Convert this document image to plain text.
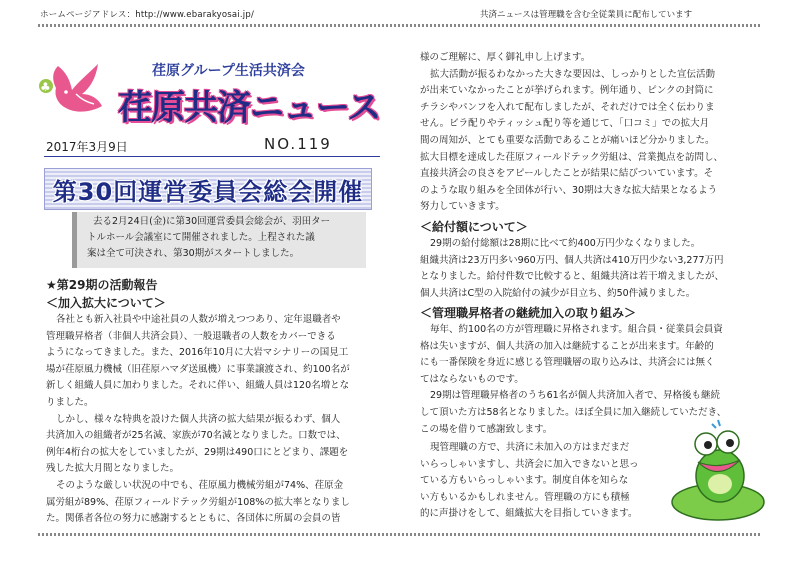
ホームページアドレス：http://www.ebarakyosai.jp/	共済ニュースは管理職を含む全従業員に配布しています
♣
荏原グループ生活共済会
荏原共済ニュース
2017年3月9日	NO.119
第30回運営委員会総会開催

去る2月24日(金)に第30回運営委員会総会が、羽田ター

トルホール会議室にて開催されました。上程された議

案は全て可決され、第30期がスタートしました。

★第29期の活動報告
＜加入拡大について＞

各社とも新入社員や中途社員の人数が増えつつあり、定年退職者や

管理職昇格者（非個人共済会員）、一般退職者の人数をカバーできる

ようになってきました。また、2016年10月に大岩マシナリーの国見工

場が荏原風力機械（旧荏原ハマダ送風機）に事業譲渡され、約100名が

新しく組織人員に加わりました。それに伴い、組織人員は120名増とな

りました。

しかし、様々な特典を設けた個人共済の拡大結果が振るわず、個人

共済加入の組織者が25名減、家族が70名減となりました。口数では、

例年4桁台の拡大をしていましたが、29期は490口にとどまり、課題を

残した拡大月間となりました。

そのような厳しい状況の中でも、荏原風力機械労組が74%、荏原金

属労組が89%、荏原フィールドテック労組が108%の拡大率となりまし

た。関係者各位の努力に感謝するとともに、各団体に所属の会員の皆

様のご理解に、厚く御礼申し上げます。

拡大活動が振るわなかった大きな要因は、しっかりとした宣伝活動

が出来ていなかったことが挙げられます。例年通り、ピンクの封筒に

チラシやパンフを入れて配布しましたが、それだけでは全く伝わりま

せん。ビラ配りやティッシュ配り等を通じて、「口コミ」での拡大月

間の周知が、とても重要な活動であることが痛いほど分かりました。

拡大目標を達成した荏原フィールドテック労組は、営業拠点を訪問し、

直接共済会の良さをアピールしたことが結果に結びついています。そ

のような取り組みを全団体が行い、30期は大きな拡大結果となるよう

努力していきます。

＜給付額について＞

29期の給付総額は28期に比べて約400万円少なくなりました。

組織共済は23万円多い960万円、個人共済は410万円少ない3,277万円

となりました。給付件数で比較すると、組織共済は若干増えましたが、

個人共済はC型の入院給付の減少が目立ち、約50件減りました。

＜管理職昇格者の継続加入の取り組み＞

毎年、約100名の方が管理職に昇格されます。組合員・従業員会員資

格は失いますが、個人共済の加入は継続することが出来ます。年齢的

にも一番保険を身近に感じる管理職層の取り込みは、共済会には無く

てはならないものです。

29期は管理職昇格者のうち61名が個人共済加入者で、昇格後も継続

して頂いた方は58名となりました。ほぼ全員に加入継続していただき、

この場を借りて感謝致します。

現管理職の方で、共済に未加入の方はまだまだ

いらっしゃいますし、共済会に加入できないと思っ

ている方もいらっしゃいます。制度自体を知らな

い方もいるかもしれません。管理職の方にも積極

的に声掛けをして、組織拡大を目指していきます。
